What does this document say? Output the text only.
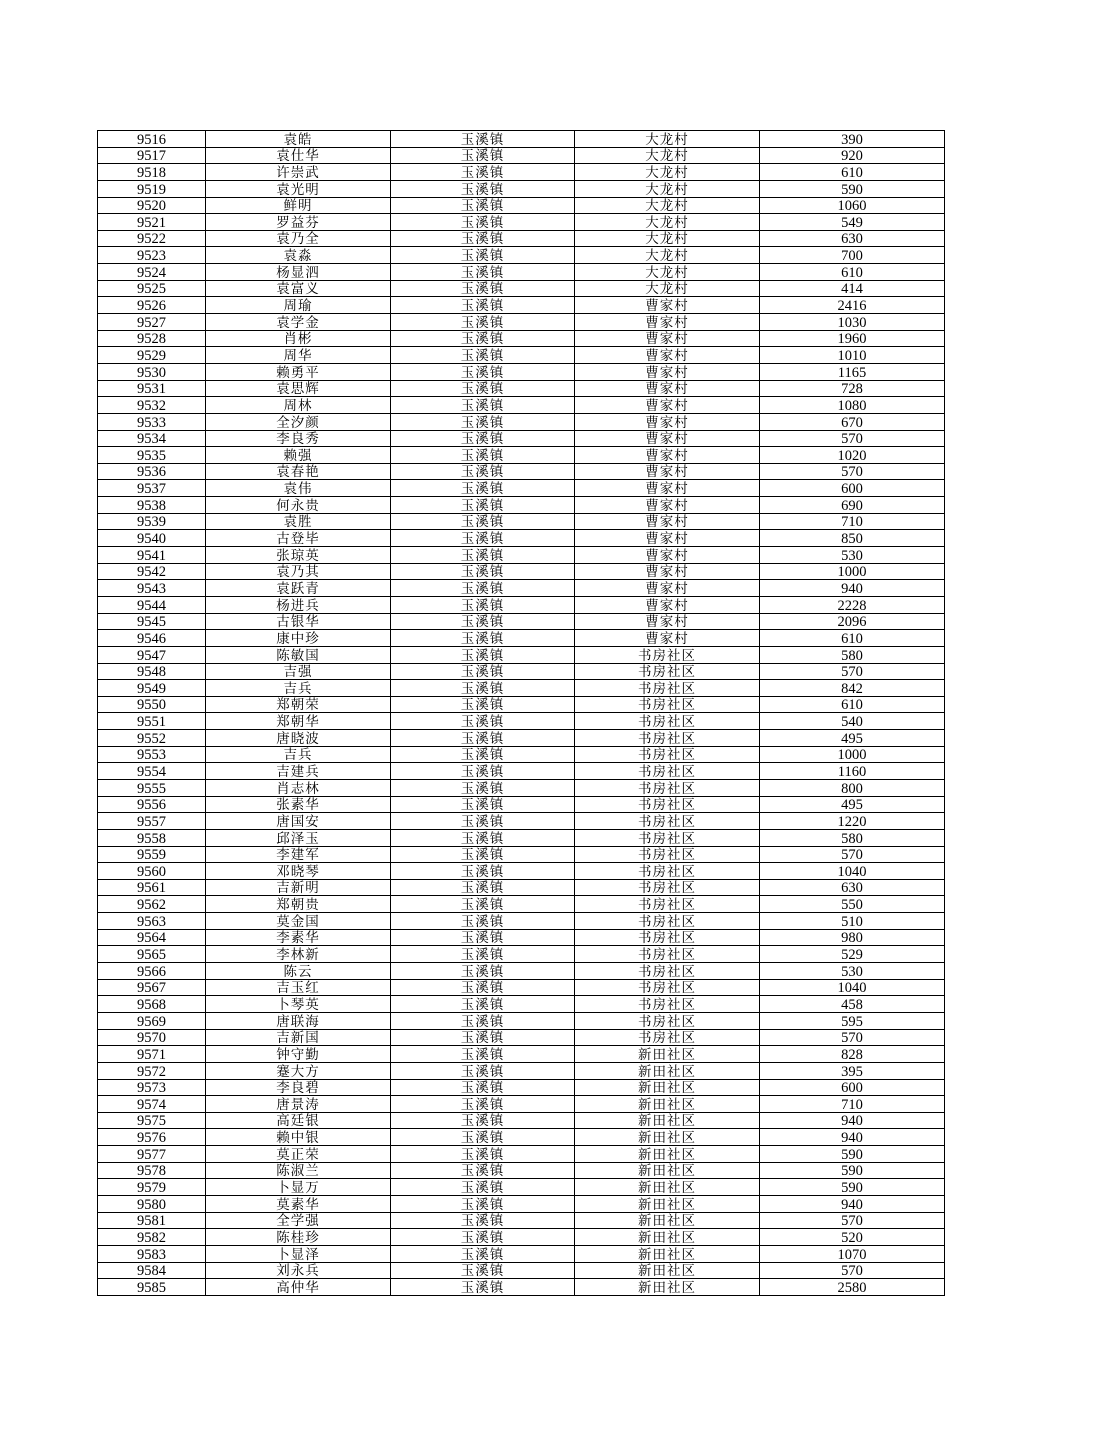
9516	袁皓	玉溪镇	大龙村	390
9517	袁仕华	玉溪镇	大龙村	920
9518	许崇武	玉溪镇	大龙村	610
9519	袁光明	玉溪镇	大龙村	590
9520	鲜明	玉溪镇	大龙村	1060
9521	罗益芬	玉溪镇	大龙村	549
9522	袁乃全	玉溪镇	大龙村	630
9523	袁淼	玉溪镇	大龙村	700
9524	杨显泗	玉溪镇	大龙村	610
9525	袁富义	玉溪镇	大龙村	414
9526	周瑜	玉溪镇	曹家村	2416
9527	袁学金	玉溪镇	曹家村	1030
9528	肖彬	玉溪镇	曹家村	1960
9529	周华	玉溪镇	曹家村	1010
9530	赖勇平	玉溪镇	曹家村	1165
9531	袁思辉	玉溪镇	曹家村	728
9532	周林	玉溪镇	曹家村	1080
9533	全汐颜	玉溪镇	曹家村	670
9534	李良秀	玉溪镇	曹家村	570
9535	赖强	玉溪镇	曹家村	1020
9536	袁春艳	玉溪镇	曹家村	570
9537	袁伟	玉溪镇	曹家村	600
9538	何永贵	玉溪镇	曹家村	690
9539	袁胜	玉溪镇	曹家村	710
9540	古登毕	玉溪镇	曹家村	850
9541	张琼英	玉溪镇	曹家村	530
9542	袁乃其	玉溪镇	曹家村	1000
9543	袁跃青	玉溪镇	曹家村	940
9544	杨进兵	玉溪镇	曹家村	2228
9545	古银华	玉溪镇	曹家村	2096
9546	康中珍	玉溪镇	曹家村	610
9547	陈敏国	玉溪镇	书房社区	580
9548	吉强	玉溪镇	书房社区	570
9549	吉兵	玉溪镇	书房社区	842
9550	郑朝荣	玉溪镇	书房社区	610
9551	郑朝华	玉溪镇	书房社区	540
9552	唐晓波	玉溪镇	书房社区	495
9553	吉兵	玉溪镇	书房社区	1000
9554	吉建兵	玉溪镇	书房社区	1160
9555	肖志林	玉溪镇	书房社区	800
9556	张素华	玉溪镇	书房社区	495
9557	唐国安	玉溪镇	书房社区	1220
9558	邱泽玉	玉溪镇	书房社区	580
9559	李建军	玉溪镇	书房社区	570
9560	邓晓琴	玉溪镇	书房社区	1040
9561	吉新明	玉溪镇	书房社区	630
9562	郑朝贵	玉溪镇	书房社区	550
9563	莫金国	玉溪镇	书房社区	510
9564	李素华	玉溪镇	书房社区	980
9565	李林新	玉溪镇	书房社区	529
9566	陈云	玉溪镇	书房社区	530
9567	吉玉红	玉溪镇	书房社区	1040
9568	卜琴英	玉溪镇	书房社区	458
9569	唐联海	玉溪镇	书房社区	595
9570	吉新国	玉溪镇	书房社区	570
9571	钟守勤	玉溪镇	新田社区	828
9572	蹇大方	玉溪镇	新田社区	395
9573	李良碧	玉溪镇	新田社区	600
9574	唐景涛	玉溪镇	新田社区	710
9575	高廷银	玉溪镇	新田社区	940
9576	赖中银	玉溪镇	新田社区	940
9577	莫正荣	玉溪镇	新田社区	590
9578	陈淑兰	玉溪镇	新田社区	590
9579	卜显万	玉溪镇	新田社区	590
9580	莫素华	玉溪镇	新田社区	940
9581	全学强	玉溪镇	新田社区	570
9582	陈桂珍	玉溪镇	新田社区	520
9583	卜显泽	玉溪镇	新田社区	1070
9584	刘永兵	玉溪镇	新田社区	570
9585	高仲华	玉溪镇	新田社区	2580
